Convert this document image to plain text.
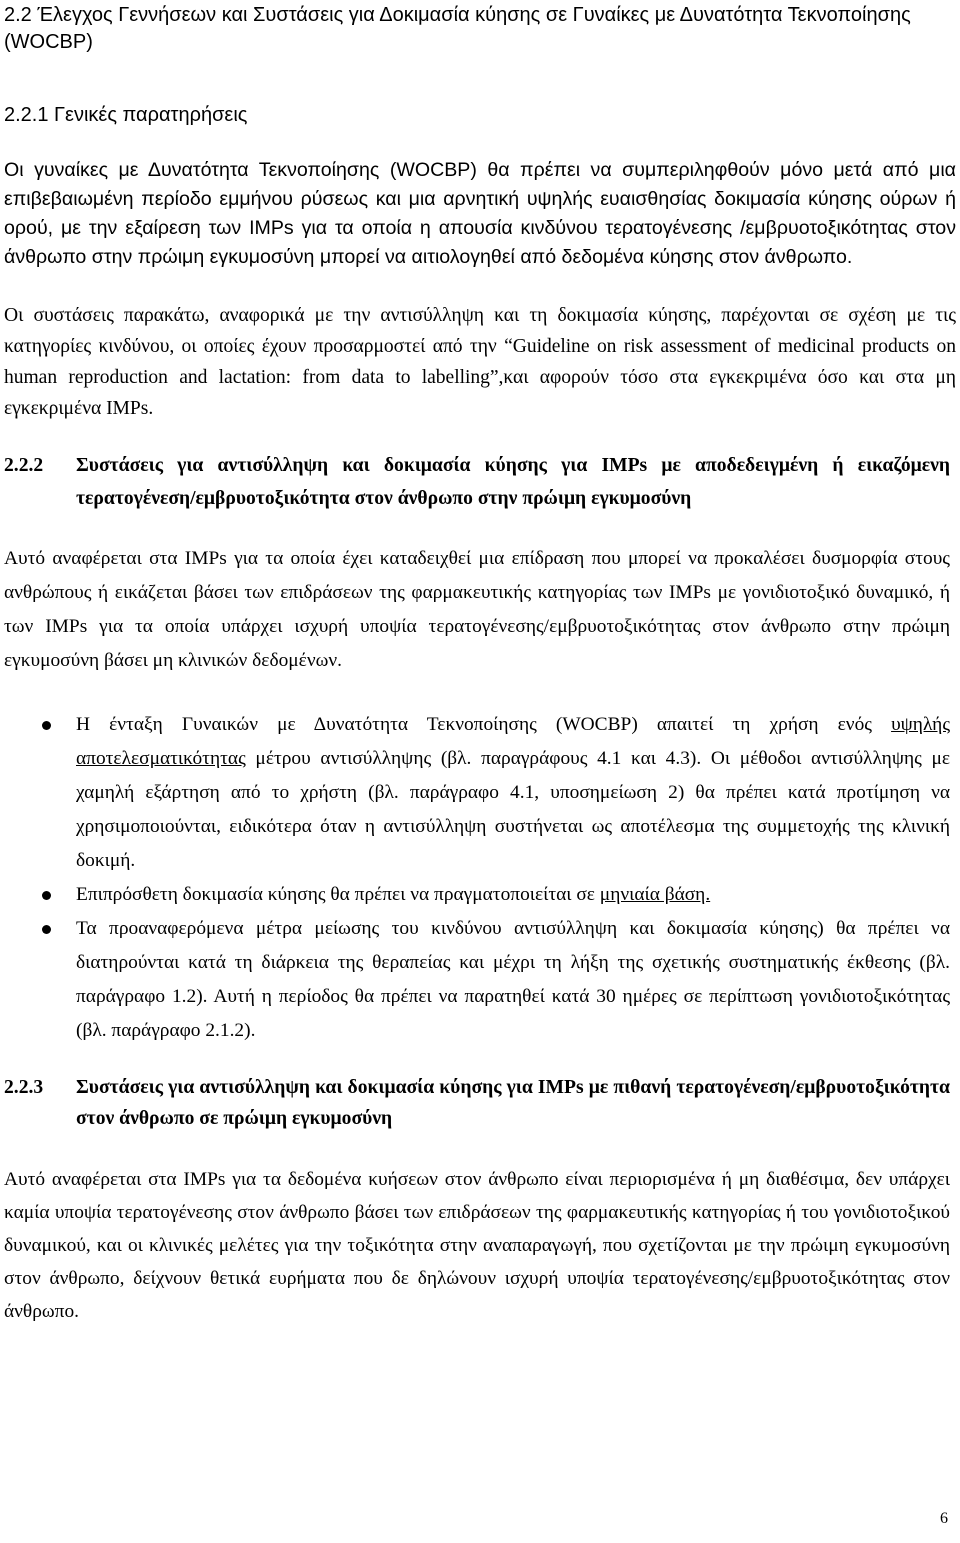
2.2 Έλεγχος Γεννήσεων και Συστάσεις για Δοκιμασία κύησης σε Γυναίκες με Δυνατότητα Τεκνοποίησης (WOCBP)
2.2.1 Γενικές παρατηρήσεις

Οι γυναίκες με Δυνατότητα Τεκνοποίησης (WOCBP) θα πρέπει να συμπεριληφθούν μόνο μετά από μια επιβεβαιωμένη περίοδο εμμήνου ρύσεως και μια αρνητική υψηλής ευαισθησίας δοκιμασία κύησης ούρων ή ορού, με την εξαίρεση των IMPs για τα οποία η απουσία κινδύνου τερατογένεσης /εμβρυοτοξικότητας στον άνθρωπο στην πρώιμη εγκυμοσύνη μπορεί να αιτιολογηθεί από δεδομένα κύησης στον άνθρωπο.

Οι συστάσεις παρακάτω, αναφορικά με την αντισύλληψη και τη δοκιμασία κύησης, παρέχονται σε σχέση με τις κατηγορίες κινδύνου, οι οποίες έχουν προσαρμοστεί από την “Guideline on risk assessment of medicinal products on human reproduction and lactation: from data to labelling”,και αφορούν τόσο στα εγκεκριμένα όσο και στα μη εγκεκριμένα IMPs.

2.2.2	Συστάσεις για αντισύλληψη και δοκιμασία κύησης για IMPs με αποδεδειγμένη ή εικαζόμενη τερατογένεση/εμβρυοτοξικότητα στον άνθρωπο στην πρώιμη εγκυμοσύνη

Αυτό αναφέρεται στα IMPs για τα οποία έχει καταδειχθεί μια επίδραση που μπορεί να προκαλέσει δυσμορφία στους ανθρώπους ή εικάζεται βάσει των επιδράσεων της φαρμακευτικής κατηγορίας των IMPs με γονιδιοτοξικό δυναμικό, ή των IMPs για τα οποία υπάρχει ισχυρή υποψία τερατογένεσης/εμβρυοτοξικότητας στον άνθρωπο στην πρώιμη εγκυμοσύνη βάσει μη κλινικών δεδομένων.

Η ένταξη Γυναικών με Δυνατότητα Τεκνοποίησης (WOCBP) απαιτεί τη χρήση ενός υψηλής αποτελεσματικότητας μέτρου αντισύλληψης (βλ. παραγράφους 4.1 και 4.3). Οι μέθοδοι αντισύλληψης με χαμηλή εξάρτηση από το χρήστη (βλ. παράγραφο 4.1, υποσημείωση 2) θα πρέπει κατά προτίμηση να χρησιμοποιούνται, ειδικότερα όταν η αντισύλληψη συστήνεται ως αποτέλεσμα της συμμετοχής της κλινική δοκιμή.
Επιπρόσθετη δοκιμασία κύησης θα πρέπει να πραγματοποιείται σε μηνιαία βάση.
Τα προαναφερόμενα μέτρα μείωσης του κινδύνου αντισύλληψη και δοκιμασία κύησης) θα πρέπει να διατηρούνται κατά τη διάρκεια της θεραπείας και μέχρι τη λήξη της σχετικής συστηματικής έκθεσης (βλ. παράγραφο 1.2). Αυτή η περίοδος θα πρέπει να παρατηθεί κατά 30 ημέρες σε περίπτωση γονιδιοτοξικότητας (βλ. παράγραφο 2.1.2).
2.2.3	Συστάσεις για αντισύλληψη και δοκιμασία κύησης για IMPs με πιθανή τερατογένεση/εμβρυοτοξικότητα στον άνθρωπο σε πρώιμη εγκυμοσύνη

Αυτό αναφέρεται στα IMPs για τα δεδομένα κυήσεων στον άνθρωπο είναι περιορισμένα ή μη διαθέσιμα, δεν υπάρχει καμία υποψία τερατογένεσης στον άνθρωπο βάσει των επιδράσεων της φαρμακευτικής κατηγορίας ή του γονιδιοτοξικού δυναμικού, και οι κλινικές μελέτες για την τοξικότητα στην αναπαραγωγή, που σχετίζονται με την πρώιμη εγκυμοσύνη στον άνθρωπο, δείχνουν θετικά ευρήματα που δε δηλώνουν ισχυρή υποψία τερατογένεσης/εμβρυοτοξικότητας στον άνθρωπο.

6
